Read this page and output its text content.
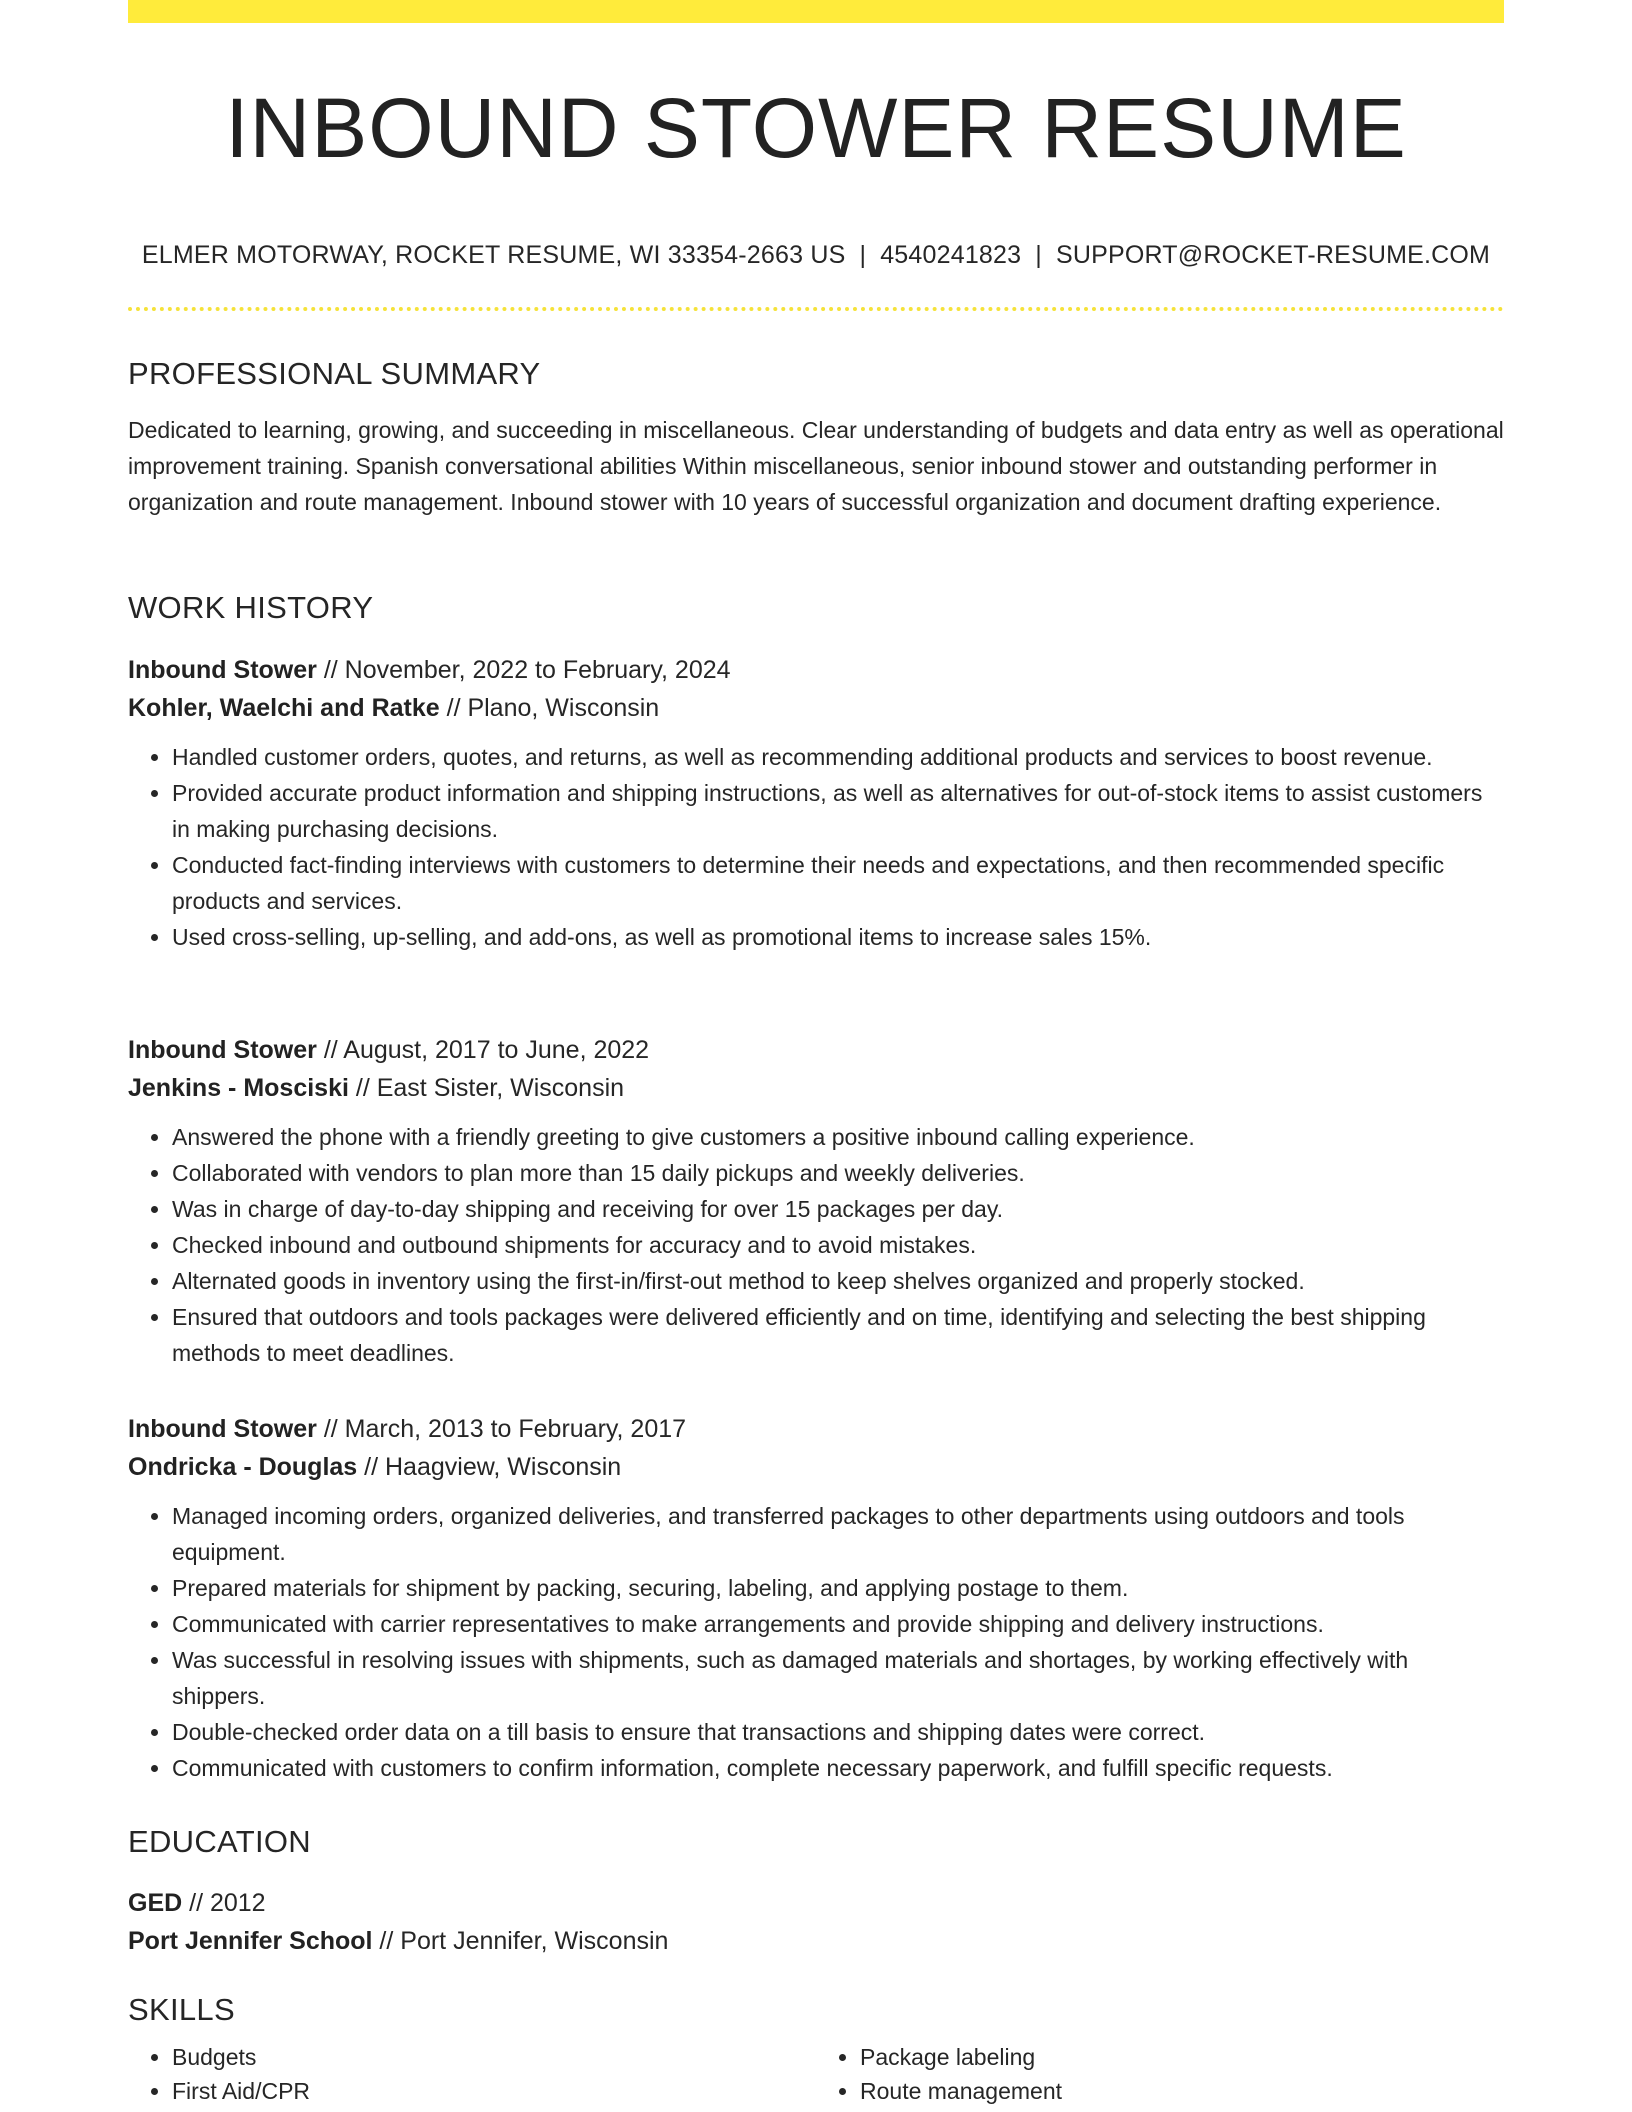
INBOUND STOWER RESUME
ELMER MOTORWAY, ROCKET RESUME, WI 33354-2663 US | 4540241823 | SUPPORT@ROCKET-RESUME.COM
PROFESSIONAL SUMMARY

Dedicated to learning, growing, and succeeding in miscellaneous. Clear understanding of budgets and data entry as well as operational improvement training. Spanish conversational abilities Within miscellaneous, senior inbound stower and outstanding performer in organization and route management. Inbound stower with 10 years of successful organization and document drafting experience.

WORK HISTORY

Inbound Stower // November, 2022 to February, 2024

Kohler, Waelchi and Ratke // Plano, Wisconsin

• Handled customer orders, quotes, and returns, as well as recommending additional products and services to boost revenue.
• Provided accurate product information and shipping instructions, as well as alternatives for out-of-stock items to assist customers in making purchasing decisions.
• Conducted fact-finding interviews with customers to determine their needs and expectations, and then recommended specific products and services.
• Used cross-selling, up-selling, and add-ons, as well as promotional items to increase sales 15%.

Inbound Stower // August, 2017 to June, 2022

Jenkins - Mosciski // East Sister, Wisconsin

• Answered the phone with a friendly greeting to give customers a positive inbound calling experience.
• Collaborated with vendors to plan more than 15 daily pickups and weekly deliveries.
• Was in charge of day-to-day shipping and receiving for over 15 packages per day.
• Checked inbound and outbound shipments for accuracy and to avoid mistakes.
• Alternated goods in inventory using the first-in/first-out method to keep shelves organized and properly stocked.
• Ensured that outdoors and tools packages were delivered efficiently and on time, identifying and selecting the best shipping methods to meet deadlines.

Inbound Stower // March, 2013 to February, 2017

Ondricka - Douglas // Haagview, Wisconsin

• Managed incoming orders, organized deliveries, and transferred packages to other departments using outdoors and tools equipment.
• Prepared materials for shipment by packing, securing, labeling, and applying postage to them.
• Communicated with carrier representatives to make arrangements and provide shipping and delivery instructions.
• Was successful in resolving issues with shipments, such as damaged materials and shortages, by working effectively with shippers.
• Double-checked order data on a till basis to ensure that transactions and shipping dates were correct.
• Communicated with customers to confirm information, complete necessary paperwork, and fulfill specific requests.
EDUCATION

GED // 2012

Port Jennifer School // Port Jennifer, Wisconsin

SKILLS
• Budgets
• First Aid/CPR
• Package labeling
• Route management
